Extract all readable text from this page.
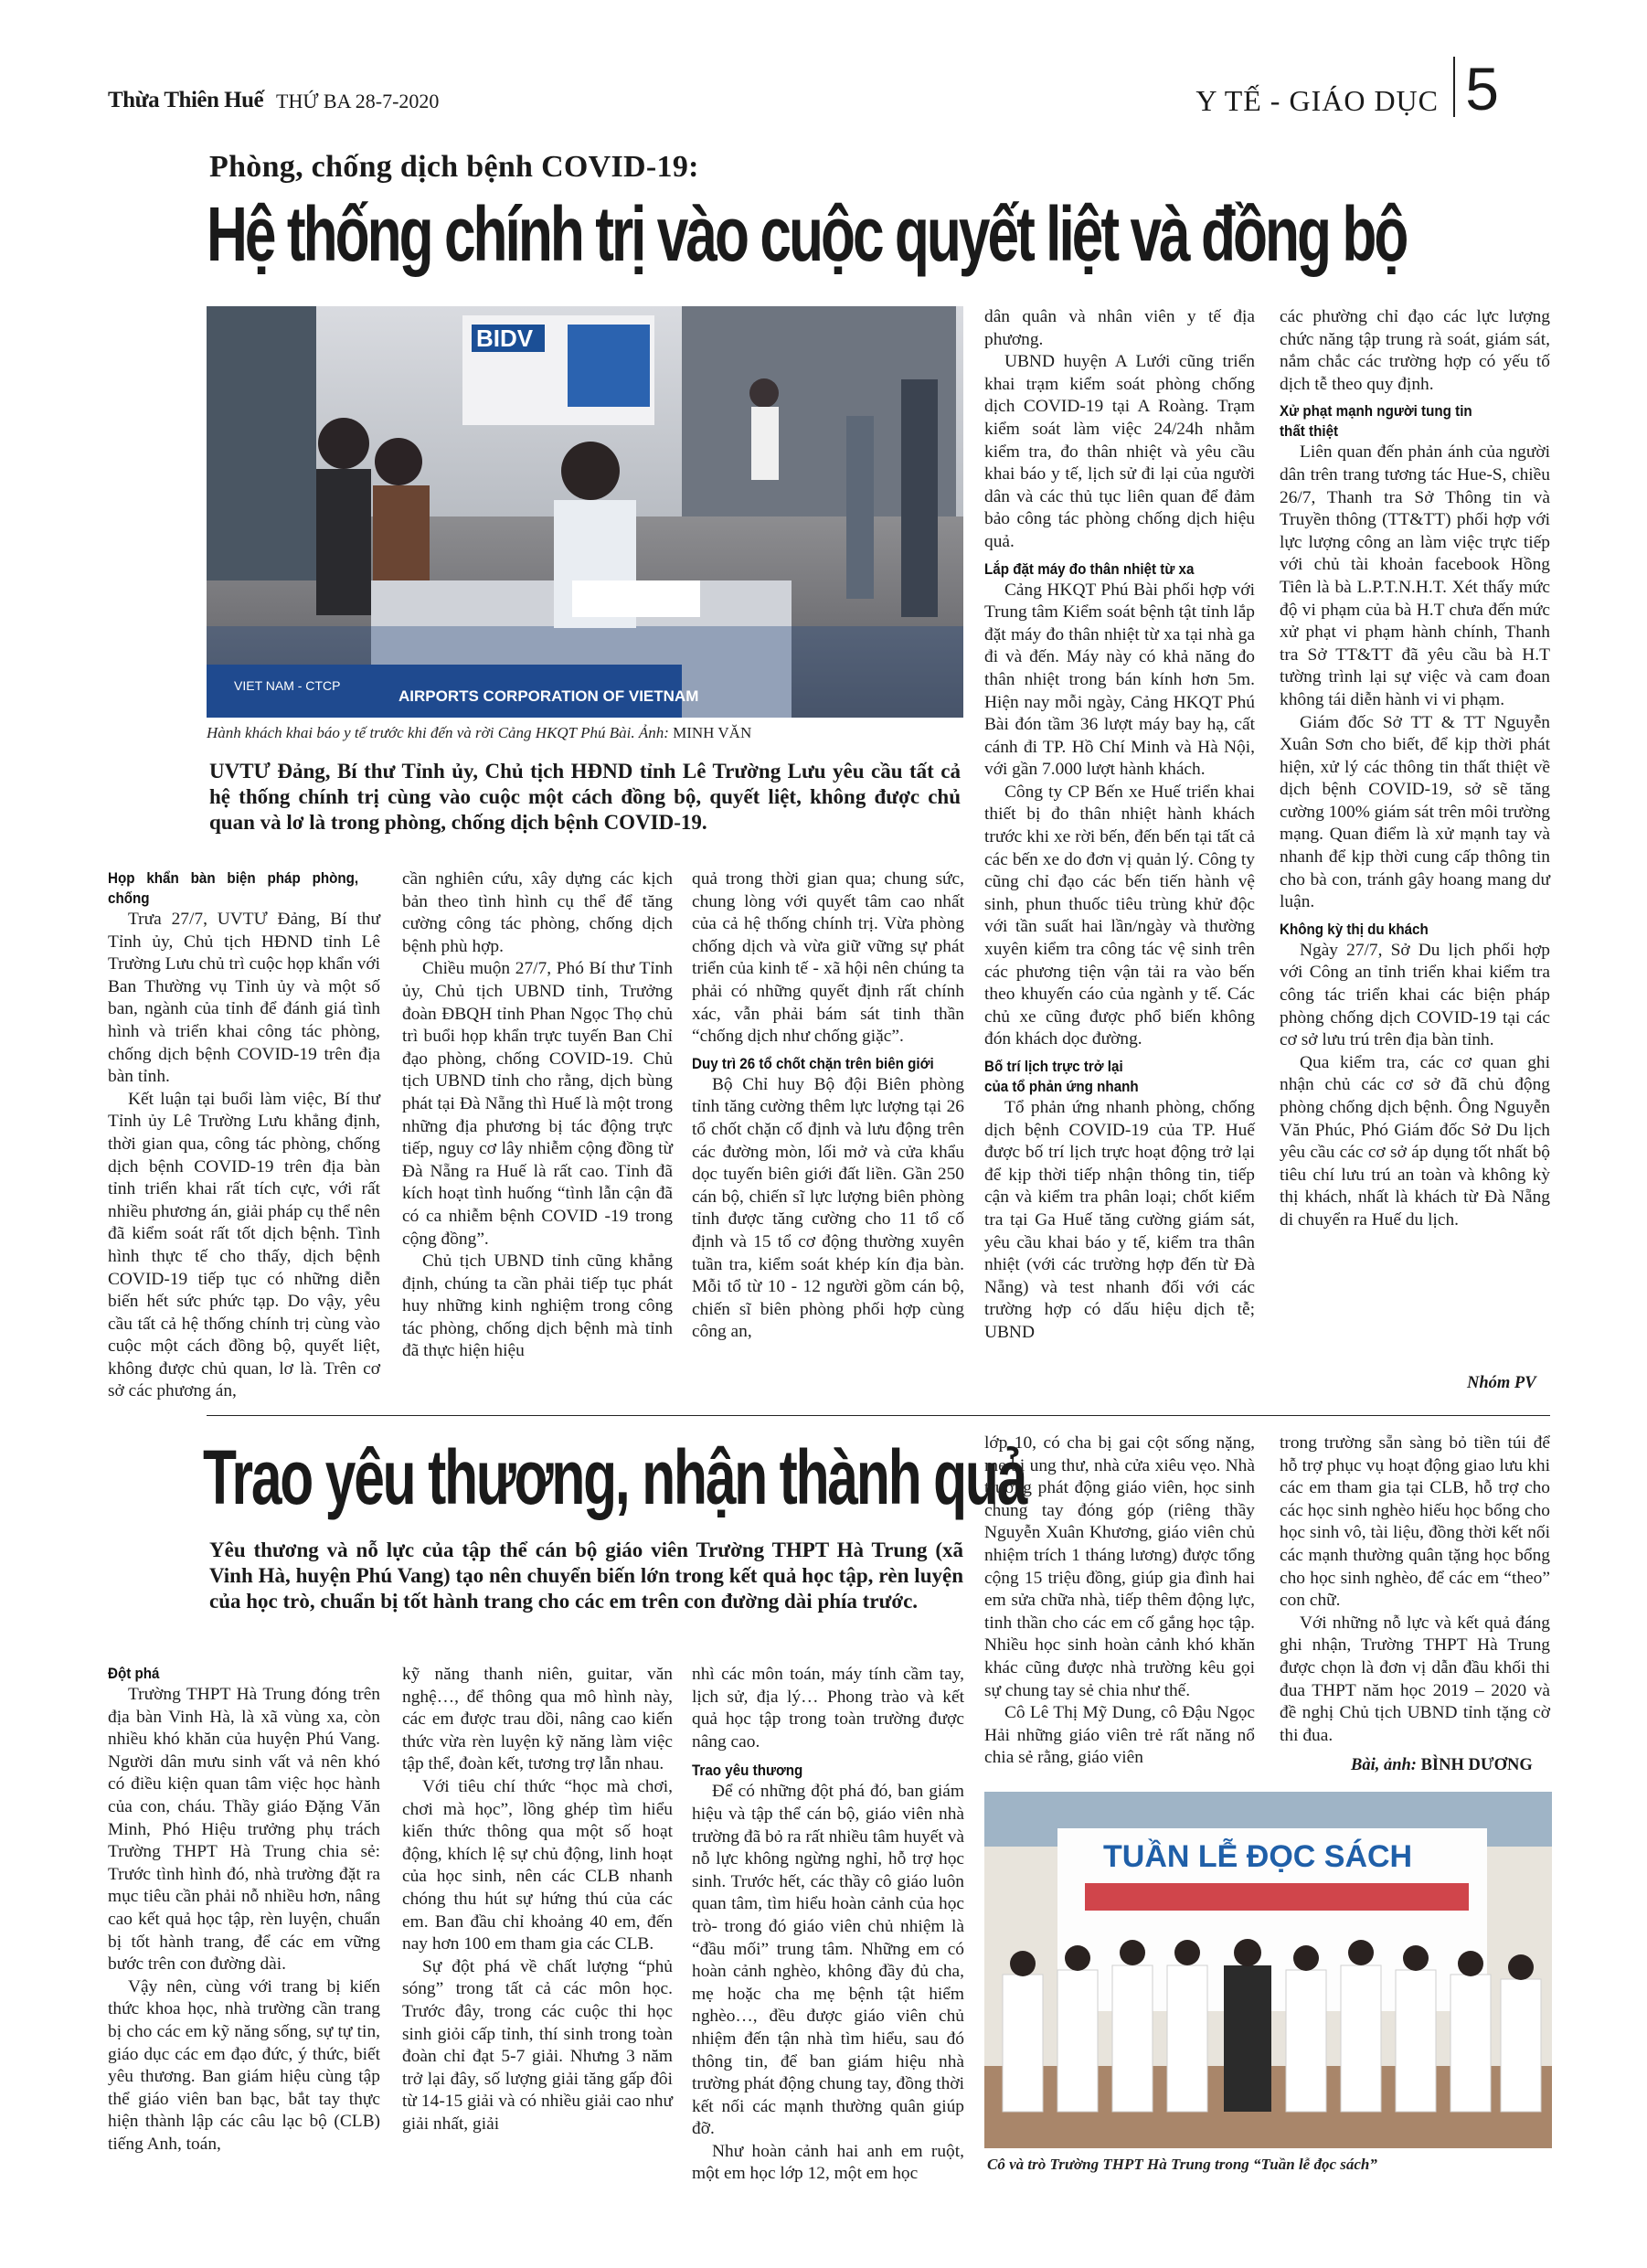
Thừa Thiên Huế THỨ BA 28-7-2020	Y TẾ - GIÁO DỤC 5
Phòng, chống dịch bệnh COVID-19:
Hệ thống chính trị vào cuộc quyết liệt và đồng bộ
BIDV
VIET NAM - CTCP
AIRPORTS CORPORATION OF VIETNAM
Hành khách khai báo y tế trước khi đến và rời Cảng HKQT Phú Bài. Ảnh: MINH VĂN
UVTƯ Đảng, Bí thư Tỉnh ủy, Chủ tịch HĐND tỉnh Lê Trường Lưu yêu cầu tất cả hệ thống chính trị cùng vào cuộc một cách đồng bộ, quyết liệt, không được chủ quan và lơ là trong phòng, chống dịch bệnh COVID-19.

Họp khẩn bàn biện pháp phòng, chống

Trưa 27/7, UVTƯ Đảng, Bí thư Tỉnh ủy, Chủ tịch HĐND tỉnh Lê Trường Lưu chủ trì cuộc họp khẩn với Ban Thường vụ Tỉnh ủy và một số ban, ngành của tỉnh để đánh giá tình hình và triển khai công tác phòng, chống dịch bệnh COVID-19 trên địa bàn tỉnh.

Kết luận tại buổi làm việc, Bí thư Tỉnh ủy Lê Trường Lưu khẳng định, thời gian qua, công tác phòng, chống dịch bệnh COVID-19 trên địa bàn tỉnh triển khai rất tích cực, với rất nhiều phương án, giải pháp cụ thể nên đã kiểm soát rất tốt dịch bệnh. Tình hình thực tế cho thấy, dịch bệnh COVID-19 tiếp tục có những diễn biến hết sức phức tạp. Do vậy, yêu cầu tất cả hệ thống chính trị cùng vào cuộc một cách đồng bộ, quyết liệt, không được chủ quan, lơ là. Trên cơ sở các phương án,

cần nghiên cứu, xây dựng các kịch bản theo tình hình cụ thể để tăng cường công tác phòng, chống dịch bệnh phù hợp.

Chiều muộn 27/7, Phó Bí thư Tỉnh ủy, Chủ tịch UBND tỉnh, Trưởng đoàn ĐBQH tỉnh Phan Ngọc Thọ chủ trì buổi họp khẩn trực tuyến Ban Chỉ đạo phòng, chống COVID-19. Chủ tịch UBND tỉnh cho rằng, dịch bùng phát tại Đà Nẵng thì Huế là một trong những địa phương bị tác động trực tiếp, nguy cơ lây nhiễm cộng đồng từ Đà Nẵng ra Huế là rất cao. Tỉnh đã kích hoạt tình huống “tình lẫn cận đã có ca nhiễm bệnh COVID -19 trong cộng đồng”.

Chủ tịch UBND tỉnh cũng khẳng định, chúng ta cần phải tiếp tục phát huy những kinh nghiệm trong công tác phòng, chống dịch bệnh mà tỉnh đã thực hiện hiệu

quả trong thời gian qua; chung sức, chung lòng với quyết tâm cao nhất của cả hệ thống chính trị. Vừa phòng chống dịch và vừa giữ vững sự phát triển của kinh tế - xã hội nên chúng ta phải có những quyết định rất chính xác, vẫn phải bám sát tinh thần “chống dịch như chống giặc”.

Duy trì 26 tổ chốt chặn trên biên giới

Bộ Chỉ huy Bộ đội Biên phòng tỉnh tăng cường thêm lực lượng tại 26 tổ chốt chặn cố định và lưu động trên các đường mòn, lối mở và cửa khẩu dọc tuyến biên giới đất liền. Gần 250 cán bộ, chiến sĩ lực lượng biên phòng tỉnh được tăng cường cho 11 tổ cố định và 15 tổ cơ động thường xuyên tuần tra, kiểm soát khép kín địa bàn. Mỗi tổ từ 10 - 12 người gồm cán bộ, chiến sĩ biên phòng phối hợp cùng công an,

dân quân và nhân viên y tế địa phương.

UBND huyện A Lưới cũng triển khai trạm kiểm soát phòng chống dịch COVID-19 tại A Roàng. Trạm kiểm soát làm việc 24/24h nhằm kiểm tra, đo thân nhiệt và yêu cầu khai báo y tế, lịch sử đi lại của người dân và các thủ tục liên quan để đảm bảo công tác phòng chống dịch hiệu quả.

Lắp đặt máy đo thân nhiệt từ xa

Cảng HKQT Phú Bài phối hợp với Trung tâm Kiểm soát bệnh tật tỉnh lắp đặt máy đo thân nhiệt từ xa tại nhà ga đi và đến. Máy này có khả năng đo thân nhiệt trong bán kính hơn 5m. Hiện nay mỗi ngày, Cảng HKQT Phú Bài đón tầm 36 lượt máy bay hạ, cất cánh đi TP. Hồ Chí Minh và Hà Nội, với gần 7.000 lượt hành khách.

Công ty CP Bến xe Huế triển khai thiết bị đo thân nhiệt hành khách trước khi xe rời bến, đến bến tại tất cả các bến xe do đơn vị quản lý. Công ty cũng chỉ đạo các bến tiến hành vệ sinh, phun thuốc tiêu trùng khử độc với tần suất hai lần/ngày và thường xuyên kiểm tra công tác vệ sinh trên các phương tiện vận tải ra vào bến theo khuyến cáo của ngành y tế. Các chủ xe cũng được phổ biến không đón khách dọc đường.

Bố trí lịch trực trở lại
của tổ phản ứng nhanh

Tổ phản ứng nhanh phòng, chống dịch bệnh COVID-19 của TP. Huế được bố trí lịch trực hoạt động trở lại để kịp thời tiếp nhận thông tin, tiếp cận và kiểm tra phân loại; chốt kiểm tra tại Ga Huế tăng cường giám sát, yêu cầu khai báo y tế, kiểm tra thân nhiệt (với các trường hợp đến từ Đà Nẵng) và test nhanh đối với các trường hợp có dấu hiệu dịch tễ; UBND

các phường chỉ đạo các lực lượng chức năng tập trung rà soát, giám sát, nắm chắc các trường hợp có yếu tố dịch tễ theo quy định.

Xử phạt mạnh người tung tin
thất thiệt

Liên quan đến phản ánh của người dân trên trang tương tác Hue-S, chiều 26/7, Thanh tra Sở Thông tin và Truyền thông (TT&TT) phối hợp với lực lượng công an làm việc trực tiếp với chủ tài khoản facebook Hồng Tiên là bà L.P.T.N.H.T. Xét thấy mức độ vi phạm của bà H.T chưa đến mức xử phạt vi phạm hành chính, Thanh tra Sở TT&TT đã yêu cầu bà H.T tường trình lại sự việc và cam đoan không tái diễn hành vi vi phạm.

Giám đốc Sở TT & TT Nguyễn Xuân Sơn cho biết, để kịp thời phát hiện, xử lý các thông tin thất thiệt về dịch bệnh COVID-19, sở sẽ tăng cường 100% giám sát trên môi trường mạng. Quan điểm là xử mạnh tay và nhanh để kịp thời cung cấp thông tin cho bà con, tránh gây hoang mang dư luận.

Không kỳ thị du khách

Ngày 27/7, Sở Du lịch phối hợp với Công an tỉnh triển khai kiểm tra công tác triển khai các biện pháp phòng chống dịch COVID-19 tại các cơ sở lưu trú trên địa bàn tỉnh.

Qua kiểm tra, các cơ quan ghi nhận chủ các cơ sở đã chủ động phòng chống dịch bệnh. Ông Nguyễn Văn Phúc, Phó Giám đốc Sở Du lịch yêu cầu các cơ sở áp dụng tốt nhất bộ tiêu chí lưu trú an toàn và không kỳ thị khách, nhất là khách từ Đà Nẵng di chuyển ra Huế du lịch.

Nhóm PV
Trao yêu thương, nhận thành quả
Yêu thương và nỗ lực của tập thể cán bộ giáo viên Trường THPT Hà Trung (xã Vinh Hà, huyện Phú Vang) tạo nên chuyển biến lớn trong kết quả học tập, rèn luyện của học trò, chuẩn bị tốt hành trang cho các em trên con đường dài phía trước.

Đột phá

Trường THPT Hà Trung đóng trên địa bàn Vinh Hà, là xã vùng xa, còn nhiều khó khăn của huyện Phú Vang. Người dân mưu sinh vất vả nên khó có điều kiện quan tâm việc học hành của con, cháu. Thầy giáo Đặng Văn Minh, Phó Hiệu trưởng phụ trách Trường THPT Hà Trung chia sẻ: Trước tình hình đó, nhà trường đặt ra mục tiêu cần phải nỗ nhiều hơn, nâng cao kết quả học tập, rèn luyện, chuẩn bị tốt hành trang, để các em vững bước trên con đường dài.

Vậy nên, cùng với trang bị kiến thức khoa học, nhà trường cần trang bị cho các em kỹ năng sống, sự tự tin, giáo dục các em đạo đức, ý thức, biết yêu thương. Ban giám hiệu cùng tập thể giáo viên ban bạc, bắt tay thực hiện thành lập các câu lạc bộ (CLB) tiếng Anh, toán,

kỹ năng thanh niên, guitar, văn nghệ…, để thông qua mô hình này, các em được trau dồi, nâng cao kiến thức vừa rèn luyện kỹ năng làm việc tập thể, đoàn kết, tương trợ lẫn nhau.

Với tiêu chí thức “học mà chơi, chơi mà học”, lồng ghép tìm hiểu kiến thức thông qua một số hoạt động, khích lệ sự chủ động, linh hoạt của học sinh, nên các CLB nhanh chóng thu hút sự hứng thú của các em. Ban đầu chỉ khoảng 40 em, đến nay hơn 100 em tham gia các CLB.

Sự đột phá về chất lượng “phủ sóng” trong tất cả các môn học. Trước đây, trong các cuộc thi học sinh giỏi cấp tỉnh, thí sinh trong toàn đoàn chỉ đạt 5-7 giải. Nhưng 3 năm trở lại đây, số lượng giải tăng gấp đôi từ 14-15 giải và có nhiều giải cao như giải nhất, giải

nhì các môn toán, máy tính cầm tay, lịch sử, địa lý… Phong trào và kết quả học tập trong toàn trường được nâng cao.

Trao yêu thương

Để có những đột phá đó, ban giám hiệu và tập thể cán bộ, giáo viên nhà trường đã bỏ ra rất nhiều tâm huyết và nỗ lực không ngừng nghỉ, hỗ trợ học sinh. Trước hết, các thầy cô giáo luôn quan tâm, tìm hiểu hoàn cảnh của học trò- trong đó giáo viên chủ nhiệm là “đầu mối” trung tâm. Những em có hoàn cảnh nghèo, không đầy đủ cha, mẹ hoặc cha mẹ bệnh tật hiểm nghèo…, đều được giáo viên chủ nhiệm đến tận nhà tìm hiểu, sau đó thông tin, để ban giám hiệu nhà trường phát động chung tay, đồng thời kết nối các mạnh thường quân giúp đỡ.

Như hoàn cảnh hai anh em ruột, một em học lớp 12, một em học

lớp 10, có cha bị gai cột sống nặng, mẹ bị ung thư, nhà cửa xiêu vẹo. Nhà trường phát động giáo viên, học sinh chung tay đóng góp (riêng thầy Nguyễn Xuân Khương, giáo viên chủ nhiệm trích 1 tháng lương) được tổng cộng 15 triệu đồng, giúp gia đình hai em sửa chữa nhà, tiếp thêm động lực, tinh thần cho các em cố gắng học tập. Nhiều học sinh hoàn cảnh khó khăn khác cũng được nhà trường kêu gọi sự chung tay sẻ chia như thế.

Cô Lê Thị Mỹ Dung, cô Đậu Ngọc Hải những giáo viên trẻ rất năng nổ chia sẻ rằng, giáo viên

trong trường sẵn sàng bỏ tiền túi để hỗ trợ phục vụ hoạt động giao lưu khi các em tham gia tại CLB, hỗ trợ cho các học sinh nghèo hiếu học bổng cho học sinh vô, tài liệu, đồng thời kết nối các mạnh thường quân tặng học bổng cho học sinh nghèo, để các em “theo” con chữ.

Với những nỗ lực và kết quả đáng ghi nhận, Trường THPT Hà Trung được chọn là đơn vị dẫn đầu khối thi đua THPT năm học 2019 – 2020 và đề nghị Chủ tịch UBND tỉnh tặng cờ thi đua.

Bài, ảnh: BÌNH DƯƠNG
TUẦN LỄ ĐỌC SÁCH
Cô và trò Trường THPT Hà Trung trong “Tuần lễ đọc sách”
